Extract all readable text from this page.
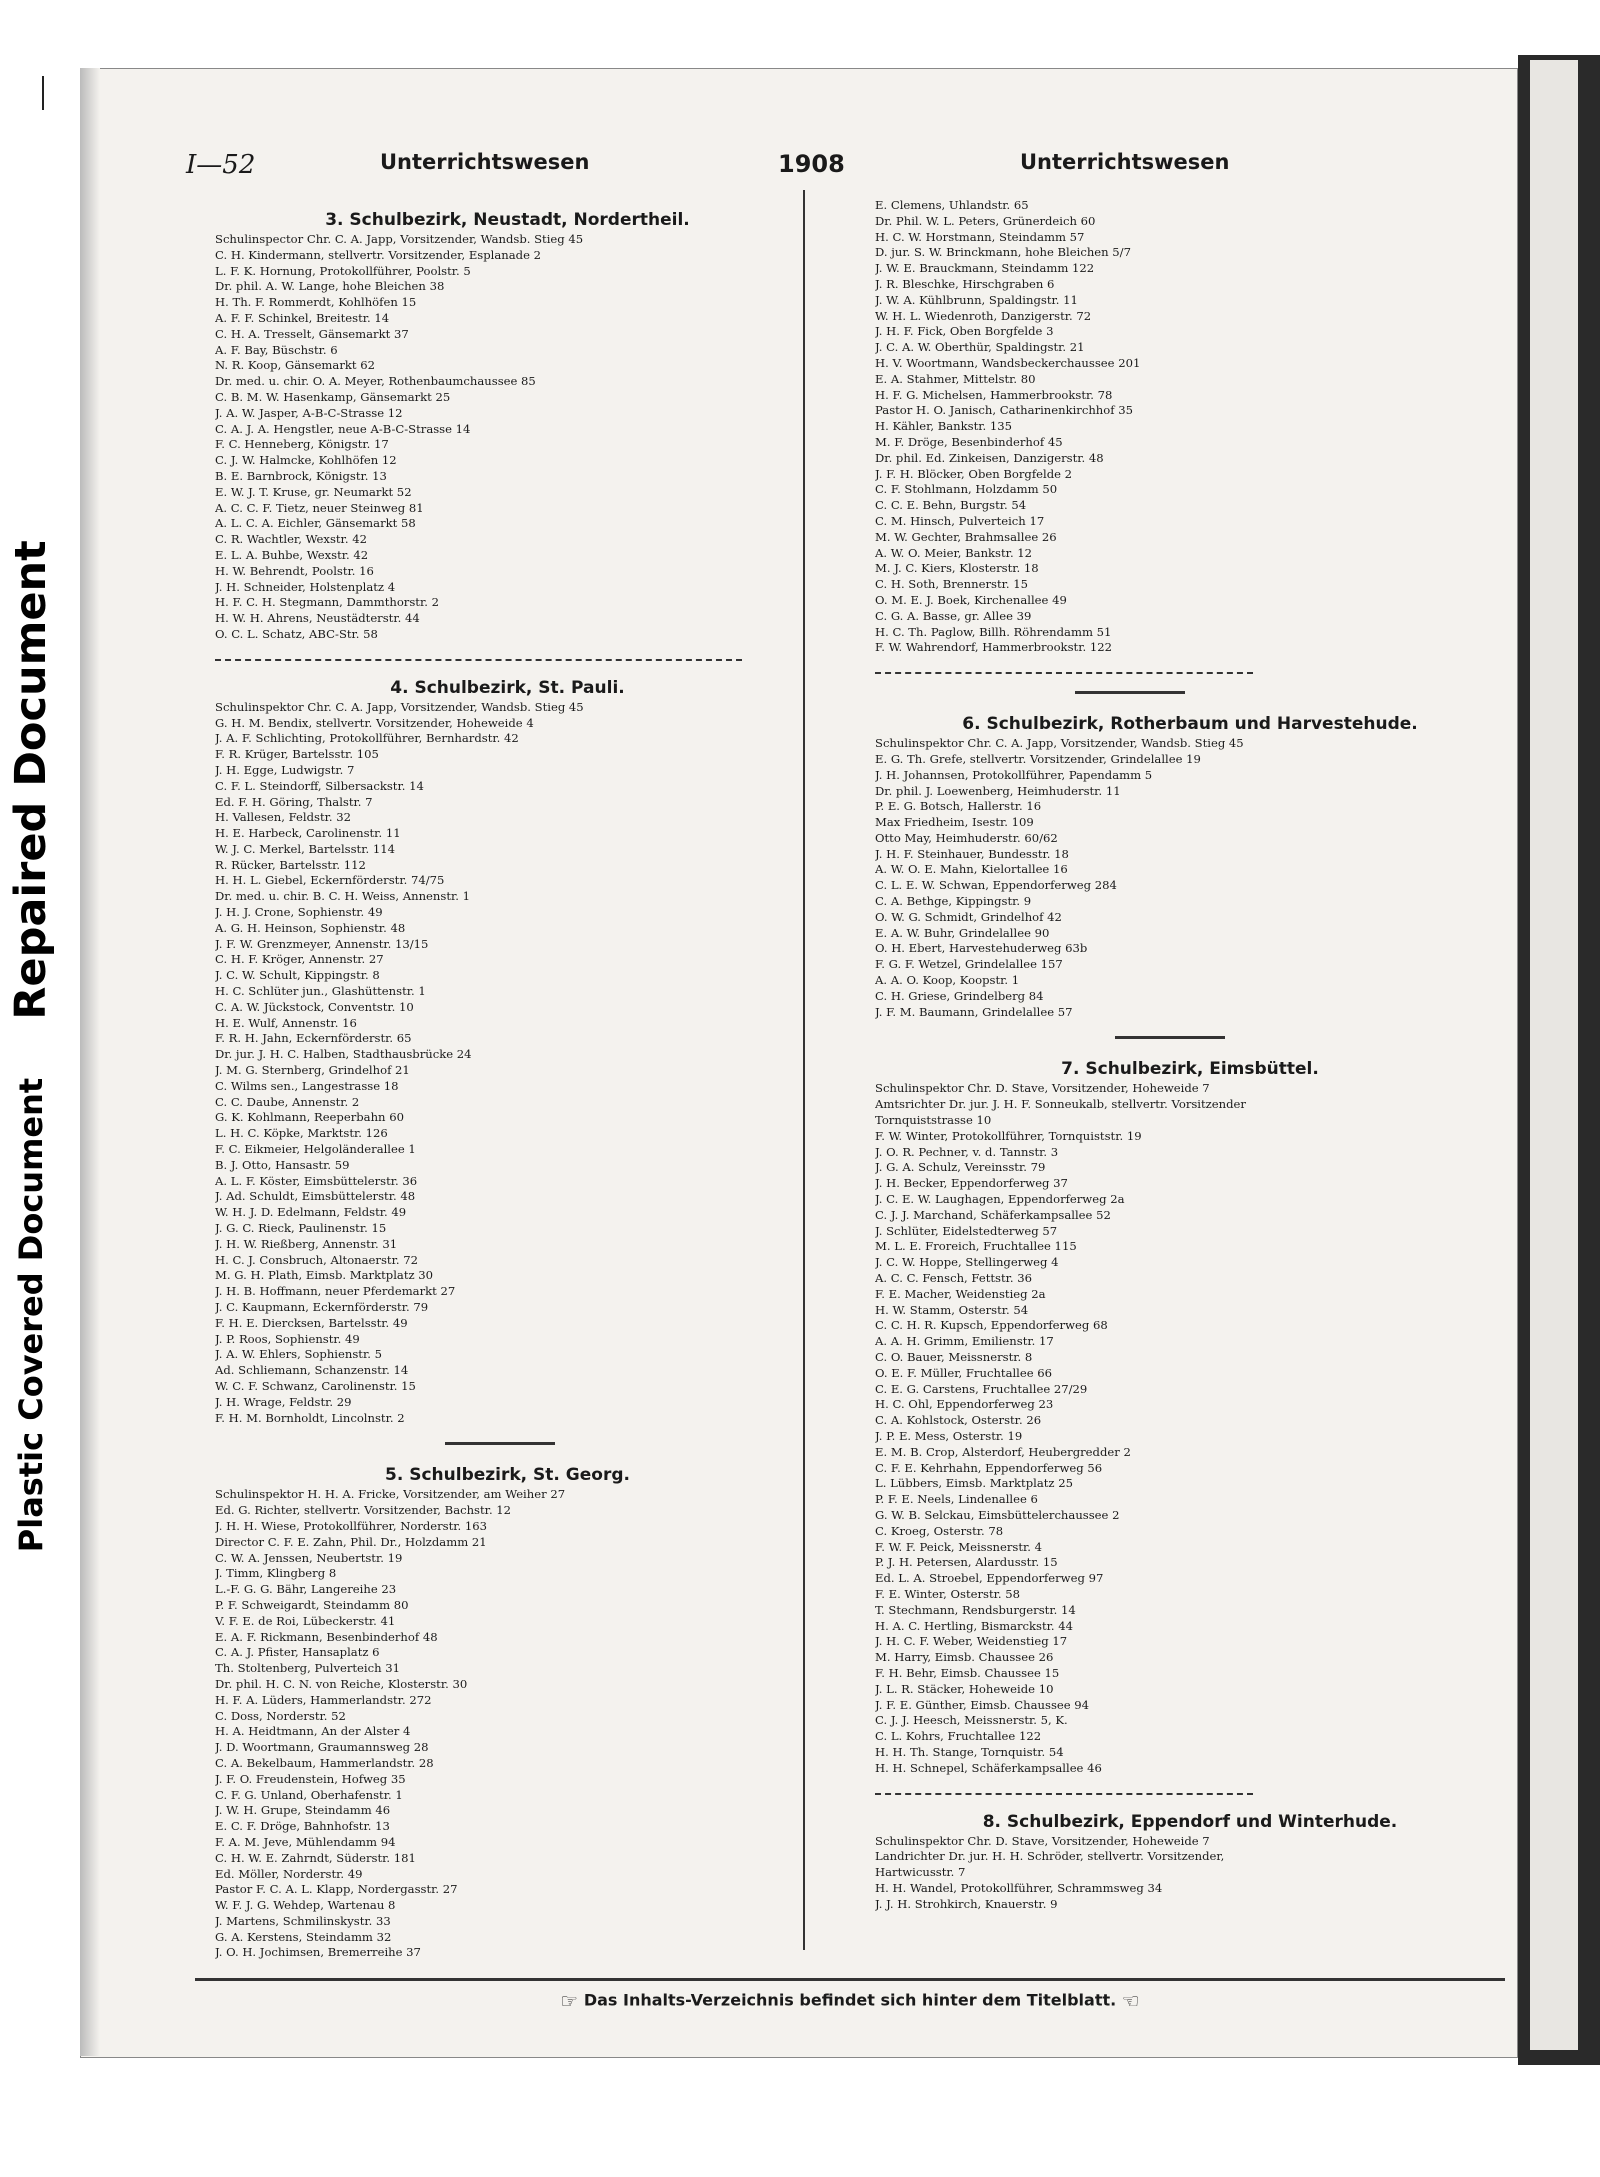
Repaired Document
Plastic Covered Document
I—52	Unterrichtswesen	1908	Unterrichtswesen
3. Schulbezirk, Neustadt, Nordertheil.
Schulinspector Chr. C. A. Japp, Vorsitzender, Wandsb. Stieg 45
C. H. Kindermann, stellvertr. Vorsitzender, Esplanade 2
L. F. K. Hornung, Protokollführer, Poolstr. 5
Dr. phil. A. W. Lange, hohe Bleichen 38
H. Th. F. Rommerdt, Kohlhöfen 15
A. F. F. Schinkel, Breitestr. 14
C. H. A. Tresselt, Gänsemarkt 37
A. F. Bay, Büschstr. 6
N. R. Koop, Gänsemarkt 62
Dr. med. u. chir. O. A. Meyer, Rothenbaumchaussee 85
C. B. M. W. Hasenkamp, Gänsemarkt 25
J. A. W. Jasper, A-B-C-Strasse 12
C. A. J. A. Hengstler, neue A-B-C-Strasse 14
F. C. Henneberg, Königstr. 17
C. J. W. Halmcke, Kohlhöfen 12
B. E. Barnbrock, Königstr. 13
E. W. J. T. Kruse, gr. Neumarkt 52
A. C. C. F. Tietz, neuer Steinweg 81
A. L. C. A. Eichler, Gänsemarkt 58
C. R. Wachtler, Wexstr. 42
E. L. A. Buhbe, Wexstr. 42
H. W. Behrendt, Poolstr. 16
J. H. Schneider, Holstenplatz 4
H. F. C. H. Stegmann, Dammthorstr. 2
H. W. H. Ahrens, Neustädterstr. 44
O. C. L. Schatz, ABC-Str. 58
4. Schulbezirk, St. Pauli.
Schulinspektor Chr. C. A. Japp, Vorsitzender, Wandsb. Stieg 45
G. H. M. Bendix, stellvertr. Vorsitzender, Hoheweide 4
J. A. F. Schlichting, Protokollführer, Bernhardstr. 42
F. R. Krüger, Bartelsstr. 105
J. H. Egge, Ludwigstr. 7
C. F. L. Steindorff, Silbersackstr. 14
Ed. F. H. Göring, Thalstr. 7
H. Vallesen, Feldstr. 32
H. E. Harbeck, Carolinenstr. 11
W. J. C. Merkel, Bartelsstr. 114
R. Rücker, Bartelsstr. 112
H. H. L. Giebel, Eckernförderstr. 74/75
Dr. med. u. chir. B. C. H. Weiss, Annenstr. 1
J. H. J. Crone, Sophienstr. 49
A. G. H. Heinson, Sophienstr. 48
J. F. W. Grenzmeyer, Annenstr. 13/15
C. H. F. Kröger, Annenstr. 27
J. C. W. Schult, Kippingstr. 8
H. C. Schlüter jun., Glashüttenstr. 1
C. A. W. Jückstock, Conventstr. 10
H. E. Wulf, Annenstr. 16
F. R. H. Jahn, Eckernförderstr. 65
Dr. jur. J. H. C. Halben, Stadthausbrücke 24
J. M. G. Sternberg, Grindelhof 21
C. Wilms sen., Langestrasse 18
C. C. Daube, Annenstr. 2
G. K. Kohlmann, Reeperbahn 60
L. H. C. Köpke, Marktstr. 126
F. C. Eikmeier, Helgoländerallee 1
B. J. Otto, Hansastr. 59
A. L. F. Köster, Eimsbüttelerstr. 36
J. Ad. Schuldt, Eimsbüttelerstr. 48
W. H. J. D. Edelmann, Feldstr. 49
J. G. C. Rieck, Paulinenstr. 15
J. H. W. Rießberg, Annenstr. 31
H. C. J. Consbruch, Altonaerstr. 72
M. G. H. Plath, Eimsb. Marktplatz 30
J. H. B. Hoffmann, neuer Pferdemarkt 27
J. C. Kaupmann, Eckernförderstr. 79
F. H. E. Diercksen, Bartelsstr. 49
J. P. Roos, Sophienstr. 49
J. A. W. Ehlers, Sophienstr. 5
Ad. Schliemann, Schanzenstr. 14
W. C. F. Schwanz, Carolinenstr. 15
J. H. Wrage, Feldstr. 29
F. H. M. Bornholdt, Lincolnstr. 2
5. Schulbezirk, St. Georg.
Schulinspektor H. H. A. Fricke, Vorsitzender, am Weiher 27
Ed. G. Richter, stellvertr. Vorsitzender, Bachstr. 12
J. H. H. Wiese, Protokollführer, Norderstr. 163
Director C. F. E. Zahn, Phil. Dr., Holzdamm 21
C. W. A. Jenssen, Neubertstr. 19
J. Timm, Klingberg 8
L.-F. G. G. Bähr, Langereihe 23
P. F. Schweigardt, Steindamm 80
V. F. E. de Roi, Lübeckerstr. 41
E. A. F. Rickmann, Besenbinderhof 48
C. A. J. Pfister, Hansaplatz 6
Th. Stoltenberg, Pulverteich 31
Dr. phil. H. C. N. von Reiche, Klosterstr. 30
H. F. A. Lüders, Hammerlandstr. 272
C. Doss, Norderstr. 52
H. A. Heidtmann, An der Alster 4
J. D. Woortmann, Graumannsweg 28
C. A. Bekelbaum, Hammerlandstr. 28
J. F. O. Freudenstein, Hofweg 35
C. F. G. Unland, Oberhafenstr. 1
J. W. H. Grupe, Steindamm 46
E. C. F. Dröge, Bahnhofstr. 13
F. A. M. Jeve, Mühlendamm 94
C. H. W. E. Zahrndt, Süderstr. 181
Ed. Möller, Norderstr. 49
Pastor F. C. A. L. Klapp, Nordergasstr. 27
W. F. J. G. Wehdep, Wartenau 8
J. Martens, Schmilinskystr. 33
G. A. Kerstens, Steindamm 32
J. O. H. Jochimsen, Bremerreihe 37
E. Clemens, Uhlandstr. 65
Dr. Phil. W. L. Peters, Grünerdeich 60
H. C. W. Horstmann, Steindamm 57
D. jur. S. W. Brinckmann, hohe Bleichen 5/7
J. W. E. Brauckmann, Steindamm 122
J. R. Bleschke, Hirschgraben 6
J. W. A. Kühlbrunn, Spaldingstr. 11
W. H. L. Wiedenroth, Danzigerstr. 72
J. H. F. Fick, Oben Borgfelde 3
J. C. A. W. Oberthür, Spaldingstr. 21
H. V. Woortmann, Wandsbeckerchaussee 201
E. A. Stahmer, Mittelstr. 80
H. F. G. Michelsen, Hammerbrookstr. 78
Pastor H. O. Janisch, Catharinenkirchhof 35
H. Kähler, Bankstr. 135
M. F. Dröge, Besenbinderhof 45
Dr. phil. Ed. Zinkeisen, Danzigerstr. 48
J. F. H. Blöcker, Oben Borgfelde 2
C. F. Stohlmann, Holzdamm 50
C. C. E. Behn, Burgstr. 54
C. M. Hinsch, Pulverteich 17
M. W. Gechter, Brahmsallee 26
A. W. O. Meier, Bankstr. 12
M. J. C. Kiers, Klosterstr. 18
C. H. Soth, Brennerstr. 15
O. M. E. J. Boek, Kirchenallee 49
C. G. A. Basse, gr. Allee 39
H. C. Th. Paglow, Billh. Röhrendamm 51
F. W. Wahrendorf, Hammerbrookstr. 122
6. Schulbezirk, Rotherbaum und Harvestehude.
Schulinspektor Chr. C. A. Japp, Vorsitzender, Wandsb. Stieg 45
E. G. Th. Grefe, stellvertr. Vorsitzender, Grindelallee 19
J. H. Johannsen, Protokollführer, Papendamm 5
Dr. phil. J. Loewenberg, Heimhuderstr. 11
P. E. G. Botsch, Hallerstr. 16
Max Friedheim, Isestr. 109
Otto May, Heimhuderstr. 60/62
J. H. F. Steinhauer, Bundesstr. 18
A. W. O. E. Mahn, Kielortallee 16
C. L. E. W. Schwan, Eppendorferweg 284
C. A. Bethge, Kippingstr. 9
O. W. G. Schmidt, Grindelhof 42
E. A. W. Buhr, Grindelallee 90
O. H. Ebert, Harvestehuderweg 63b
F. G. F. Wetzel, Grindelallee 157
A. A. O. Koop, Koopstr. 1
C. H. Griese, Grindelberg 84
J. F. M. Baumann, Grindelallee 57
7. Schulbezirk, Eimsbüttel.
Schulinspektor Chr. D. Stave, Vorsitzender, Hoheweide 7
Amtsrichter Dr. jur. J. H. F. Sonneukalb, stellvertr. Vorsitzender
Tornquiststrasse 10
F. W. Winter, Protokollführer, Tornquiststr. 19
J. O. R. Pechner, v. d. Tannstr. 3
J. G. A. Schulz, Vereinsstr. 79
J. H. Becker, Eppendorferweg 37
J. C. E. W. Laughagen, Eppendorferweg 2a
C. J. J. Marchand, Schäferkampsallee 52
J. Schlüter, Eidelstedterweg 57
M. L. E. Froreich, Fruchtallee 115
J. C. W. Hoppe, Stellingerweg 4
A. C. C. Fensch, Fettstr. 36
F. E. Macher, Weidenstieg 2a
H. W. Stamm, Osterstr. 54
C. C. H. R. Kupsch, Eppendorferweg 68
A. A. H. Grimm, Emilienstr. 17
C. O. Bauer, Meissnerstr. 8
O. E. F. Müller, Fruchtallee 66
C. E. G. Carstens, Fruchtallee 27/29
H. C. Ohl, Eppendorferweg 23
C. A. Kohlstock, Osterstr. 26
J. P. E. Mess, Osterstr. 19
E. M. B. Crop, Alsterdorf, Heubergredder 2
C. F. E. Kehrhahn, Eppendorferweg 56
L. Lübbers, Eimsb. Marktplatz 25
P. F. E. Neels, Lindenallee 6
G. W. B. Selckau, Eimsbüttelerchaussee 2
C. Kroeg, Osterstr. 78
F. W. F. Peick, Meissnerstr. 4
P. J. H. Petersen, Alardusstr. 15
Ed. L. A. Stroebel, Eppendorferweg 97
F. E. Winter, Osterstr. 58
T. Stechmann, Rendsburgerstr. 14
H. A. C. Hertling, Bismarckstr. 44
J. H. C. F. Weber, Weidenstieg 17
M. Harry, Eimsb. Chaussee 26
F. H. Behr, Eimsb. Chaussee 15
J. L. R. Stäcker, Hoheweide 10
J. F. E. Günther, Eimsb. Chaussee 94
C. J. J. Heesch, Meissnerstr. 5, K.
C. L. Kohrs, Fruchtallee 122
H. H. Th. Stange, Tornquistr. 54
H. H. Schnepel, Schäferkampsallee 46
8. Schulbezirk, Eppendorf und Winterhude.
Schulinspektor Chr. D. Stave, Vorsitzender, Hoheweide 7
Landrichter Dr. jur. H. H. Schröder, stellvertr. Vorsitzender,
Hartwicusstr. 7
H. H. Wandel, Protokollführer, Schrammsweg 34
J. J. H. Strohkirch, Knauerstr. 9
☞ Das Inhalts-Verzeichnis befindet sich hinter dem Titelblatt. ☜
